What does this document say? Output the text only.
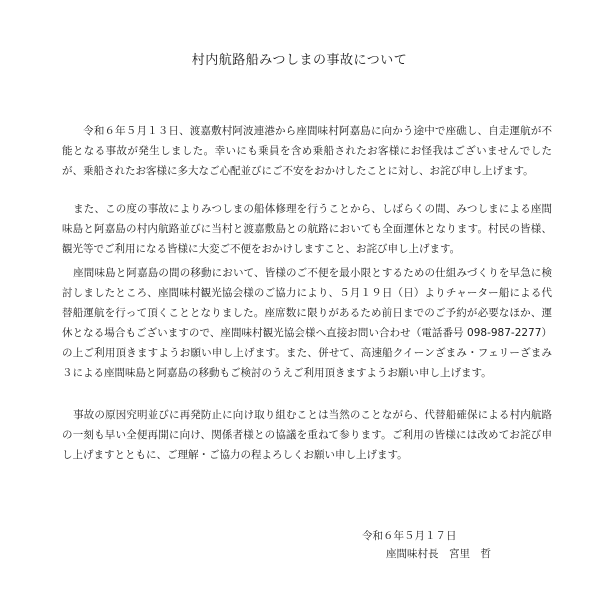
村内航路船みつしまの事故について

令和６年５月１３日、渡嘉敷村阿波連港から座間味村阿嘉島に向かう途中で座礁し、自走運航が不能となる事故が発生しました。幸いにも乗員を含め乗船されたお客様にお怪我はございませんでしたが、乗船されたお客様に多大なご心配並びにご不安をおかけしたことに対し、お詫び申し上げます。

また、この度の事故によりみつしまの船体修理を行うことから、しばらくの間、みつしまによる座間味島と阿嘉島の村内航路並びに当村と渡嘉敷島との航路においても全面運休となります。村民の皆様、観光等でご利用になる皆様に大変ご不便をおかけしますこと、お詫び申し上げます。

座間味島と阿嘉島の間の移動において、皆様のご不便を最小限とするための仕組みづくりを早急に検討しましたところ、座間味村観光協会様のご協力により、５月１９日（日）よりチャーター船による代替船運航を行って頂くこととなりました。座席数に限りがあるため前日までのご予約が必要なほか、運休となる場合もございますので、座間味村観光協会様へ直接お問い合わせ（電話番号 098-987-2277）の上ご利用頂きますようお願い申し上げます。また、併せて、高速船クイーンざまみ・フェリーざまみ３による座間味島と阿嘉島の移動もご検討のうえご利用頂きますようお願い申し上げます。

事故の原因究明並びに再発防止に向け取り組むことは当然のことながら、代替船確保による村内航路の一刻も早い全便再開に向け、関係者様との協議を重ねて参ります。ご利用の皆様には改めてお詫び申し上げますとともに、ご理解・ご協力の程よろしくお願い申し上げます。

令和６年５月１７日
座間味村長　宮里　哲
